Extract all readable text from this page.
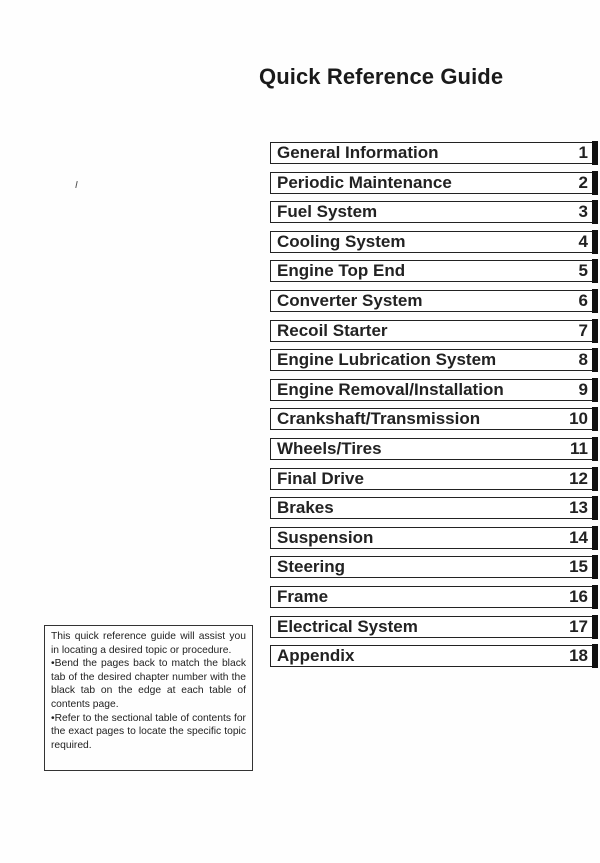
Quick Reference Guide
General Information	1
Periodic Maintenance	2
Fuel System	3
Cooling System	4
Engine Top End	5
Converter System	6
Recoil Starter	7
Engine Lubrication System	8
Engine Removal/Installation	9
Crankshaft/Transmission	10
Wheels/Tires	11
Final Drive	12
Brakes	13
Suspension	14
Steering	15
Frame	16
Electrical System	17
Appendix	18

This quick reference guide will assist you in locating a desired topic or procedure.

•Bend the pages back to match the black tab of the desired chapter number with the black tab on the edge at each table of contents page.

•Refer to the sectional table of contents for the exact pages to locate the specific topic required.
